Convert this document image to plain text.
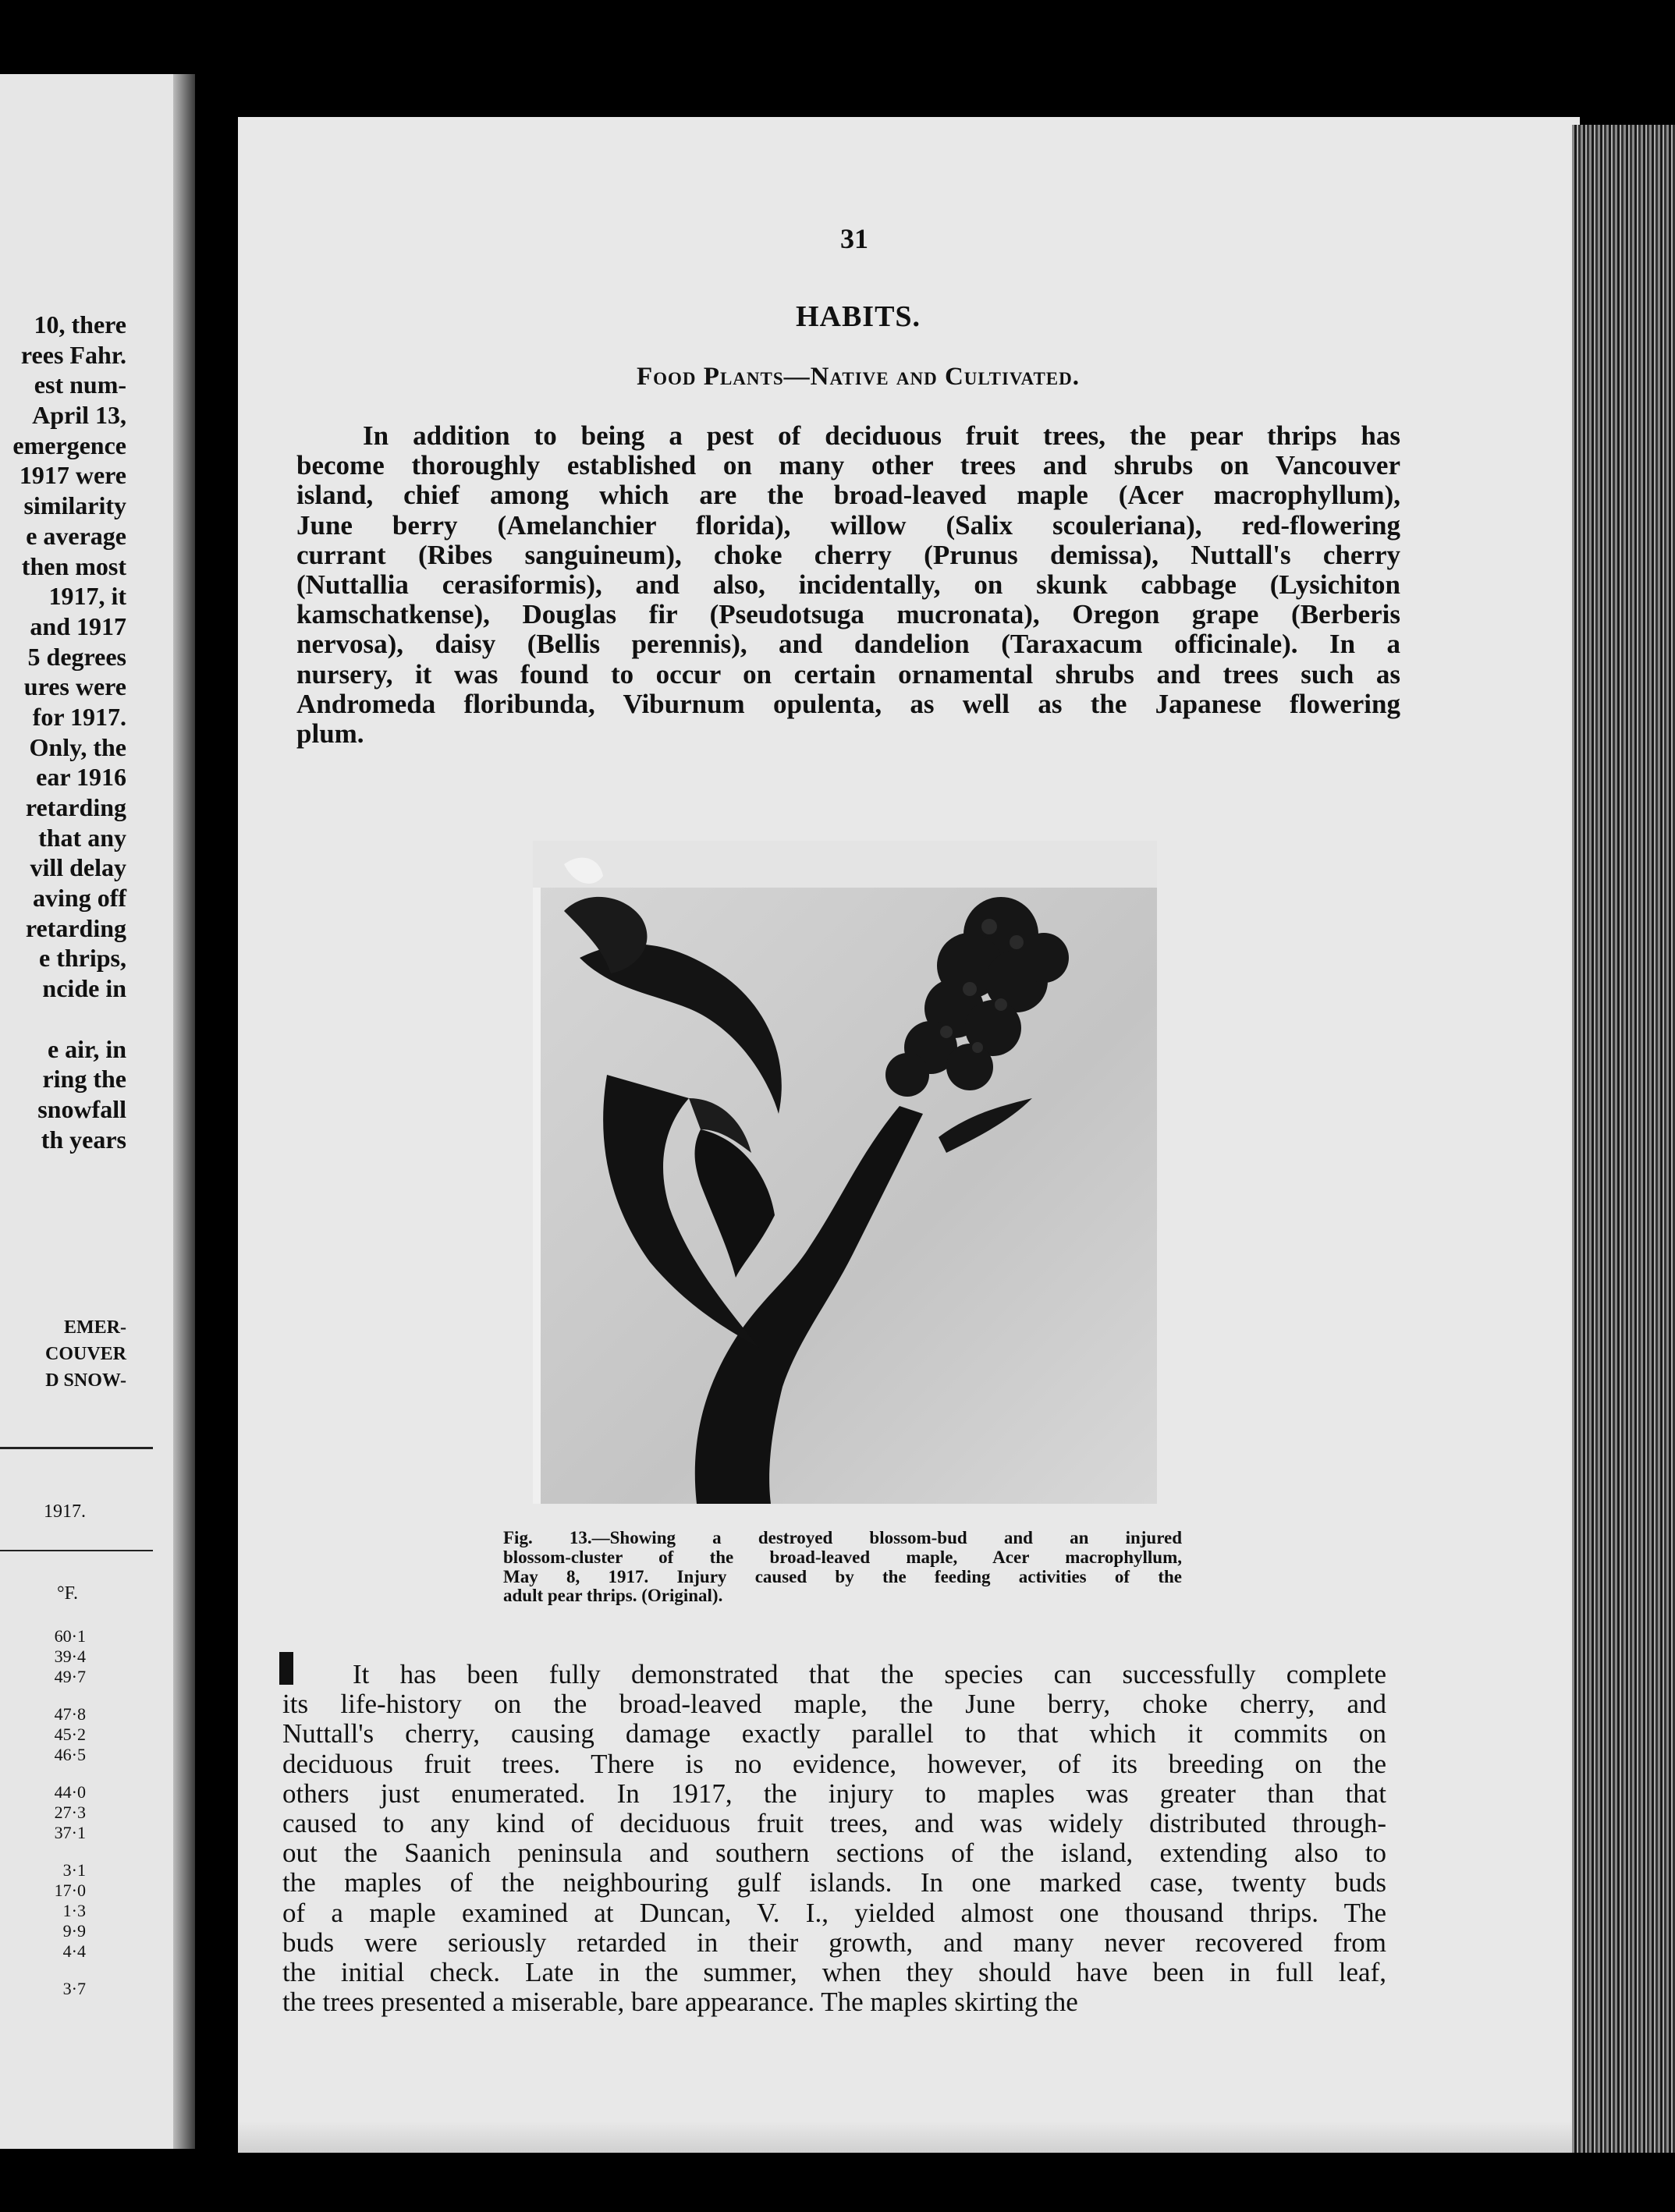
10, there
rees Fahr.
est num-
April 13,
emergence
1917 were
similarity
e average
then most
1917, it
and 1917
5 degrees
ures were
for 1917.
Only, the
ear 1916
retarding
that any
vill delay
aving off
retarding
e thrips,
ncide in
e air, in
ring the
snowfall
th years
EMER-
COUVER
D SNOW-
1917.
°F.
60·1
39·4
49·7
47·8
45·2
46·5
44·0
27·3
37·1
3·1
17·0
1·3
9·9
4·4
3·7
31
HABITS.
Food Plants—Native and Cultivated.
In addition to being a pest of deciduous fruit trees, the pear thrips has
become thoroughly established on many other trees and shrubs on Vancouver
island, chief among which are the broad-leaved maple (Acer macrophyllum),
June berry (Amelanchier florida), willow (Salix scouleriana), red-flowering
currant (Ribes sanguineum), choke cherry (Prunus demissa), Nuttall's cherry
(Nuttallia cerasiformis), and also, incidentally, on skunk cabbage (Lysichiton
kamschatkense), Douglas fir (Pseudotsuga mucronata), Oregon grape (Berberis
nervosa), daisy (Bellis perennis), and dandelion (Taraxacum officinale). In a
nursery, it was found to occur on certain ornamental shrubs and trees such as
Andromeda floribunda, Viburnum opulenta, as well as the Japanese flowering
plum.
Fig. 13.—Showing a destroyed blossom-bud and an injured
blossom-cluster of the broad-leaved maple, Acer macrophyllum,
May 8, 1917. Injury caused by the feeding activities of the
adult pear thrips. (Original).
It has been fully demonstrated that the species can successfully complete
its life-history on the broad-leaved maple, the June berry, choke cherry, and
Nuttall's cherry, causing damage exactly parallel to that which it commits on
deciduous fruit trees. There is no evidence, however, of its breeding on the
others just enumerated. In 1917, the injury to maples was greater than that
caused to any kind of deciduous fruit trees, and was widely distributed through-
out the Saanich peninsula and southern sections of the island, extending also to
the maples of the neighbouring gulf islands. In one marked case, twenty buds
of a maple examined at Duncan, V. I., yielded almost one thousand thrips. The
buds were seriously retarded in their growth, and many never recovered from
the initial check. Late in the summer, when they should have been in full leaf,
the trees presented a miserable, bare appearance. The maples skirting the
